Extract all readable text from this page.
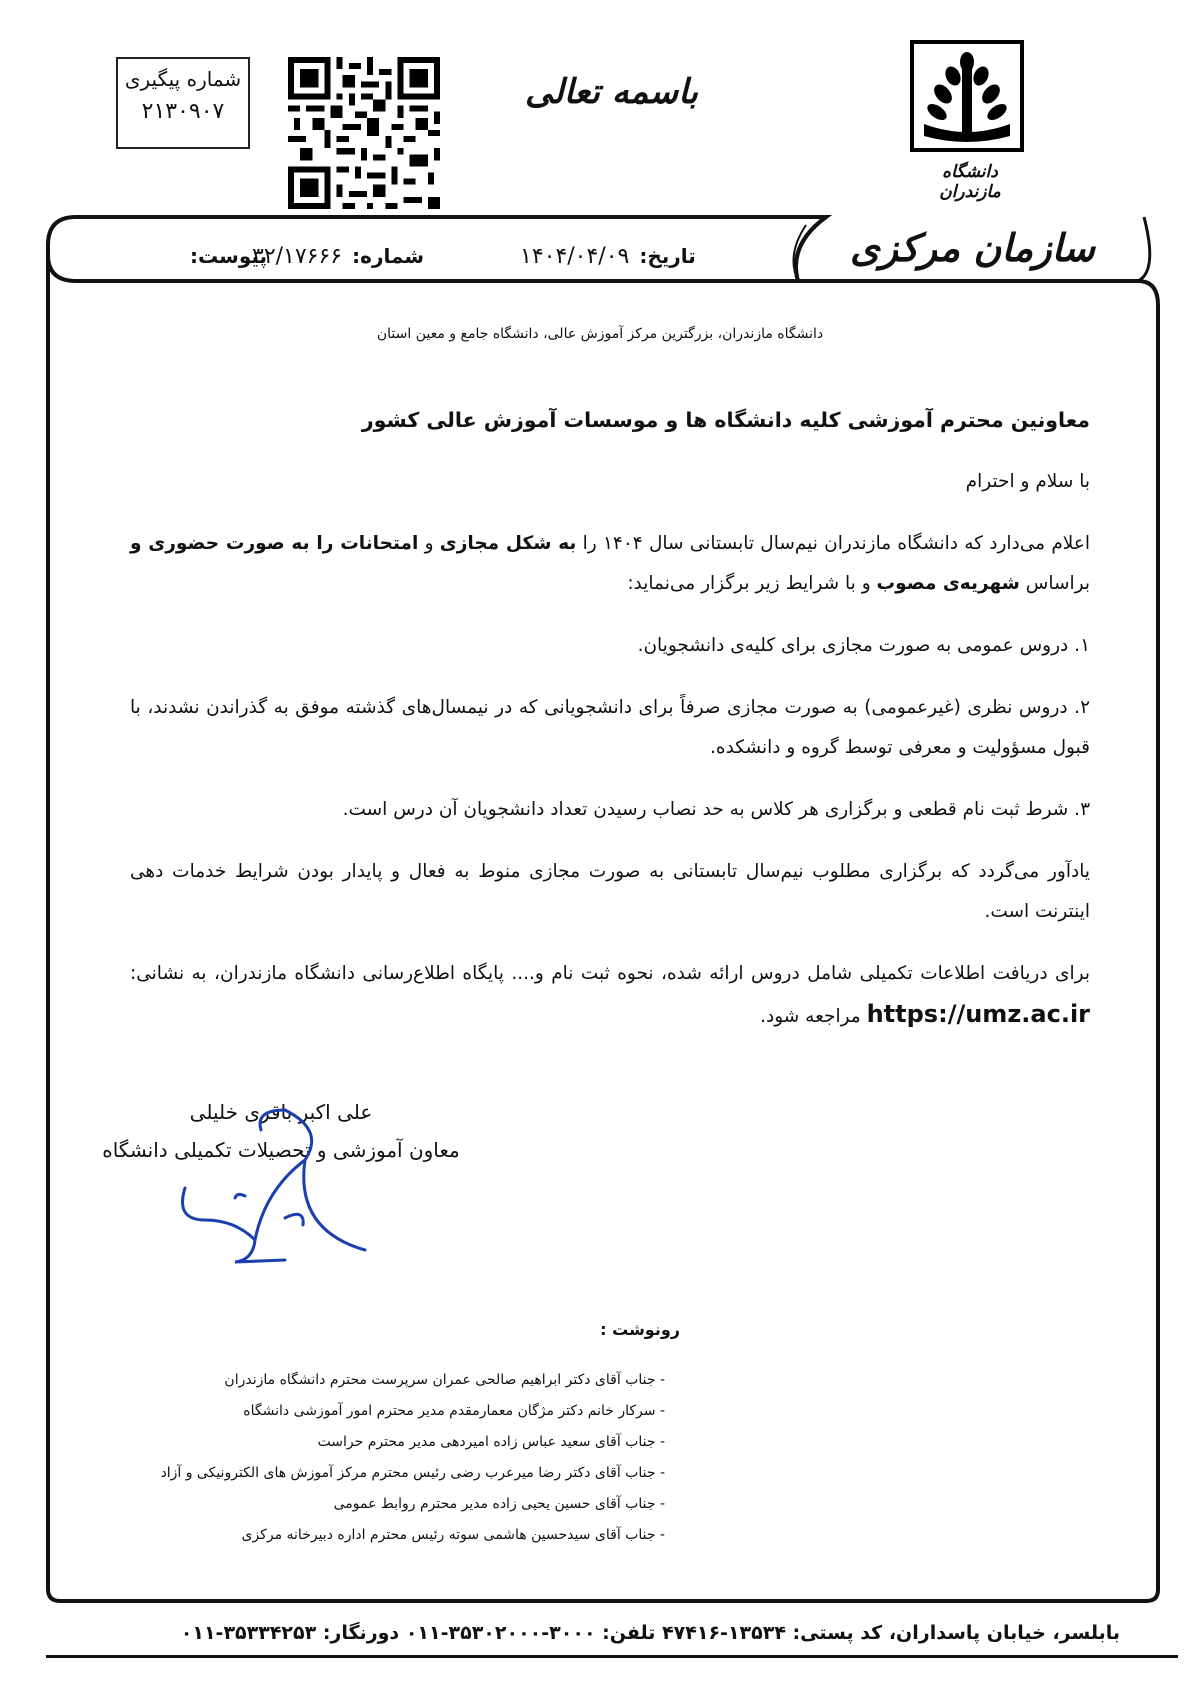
شماره پیگیری
۲۱۳۰۹۰۷	باسمه تعالی
دانشگاه مازندران
سازمان مرکزی
تاریخ:۱۴۰۴/۰۴/۰۹
شماره:۳۲/۱۷۶۶۶
پیوست:
دانشگاه مازندران، بزرگترین مرکز آموزش عالی، دانشگاه جامع و معین استان
معاونین محترم آموزشی کلیه دانشگاه ها و موسسات آموزش عالی کشور

با سلام و احترام

اعلام می‌دارد که دانشگاه مازندران نیم‌سال تابستانی سال ۱۴۰۴ را به شکل مجازی و امتحانات را به صورت حضوری و براساس شهریه‌ی مصوب و با شرایط زیر برگزار می‌نماید:

۱. دروس عمومی به صورت مجازی برای کلیه‌ی دانشجویان.

۲. دروس نظری (غیرعمومی) به صورت مجازی صرفاً برای دانشجویانی که در نیمسال‌های گذشته موفق به گذراندن نشدند، با قبول مسؤولیت و معرفی توسط گروه و دانشکده.

۳. شرط ثبت نام قطعی و برگزاری هر کلاس به حد نصاب رسیدن تعداد دانشجویان آن درس است.

یادآور می‌گردد که برگزاری مطلوب نیم‌سال تابستانی به صورت مجازی منوط به فعال و پایدار بودن شرایط خدمات دهی اینترنت است.

برای دریافت اطلاعات تکمیلی شامل دروس ارائه شده، نحوه ثبت نام و.... پایگاه اطلاع‌رسانی دانشگاه مازندران، به نشانی: https://umz.ac.ir مراجعه شود.

علی اکبر باقری خلیلی
معاون آموزشی و تحصیلات تکمیلی دانشگاه
رونوشت :
- جناب آقای دکتر ابراهیم صالحی عمران سرپرست محترم دانشگاه مازندران
- سرکار خانم دکتر مژگان معمارمقدم مدیر محترم امور آموزشی دانشگاه
- جناب آقای سعید عباس زاده امیردهی مدیر محترم حراست
- جناب آقای دکتر رضا میرعرب رضی رئیس محترم مرکز آموزش های الکترونیکی و آزاد
- جناب آقای حسین یحیی زاده مدیر محترم روابط عمومی
- جناب آقای سیدحسین هاشمی سوته رئیس محترم اداره دبیرخانه مرکزی
بابلسر، خیابان پاسداران، کد پستی: ۱۳۵۳۴-۴۷۴۱۶ تلفن: ۳۰۰۰-۳۵۳۰۲۰۰۰-۰۱۱ دورنگار: ۳۵۳۳۴۲۵۳-۰۱۱
